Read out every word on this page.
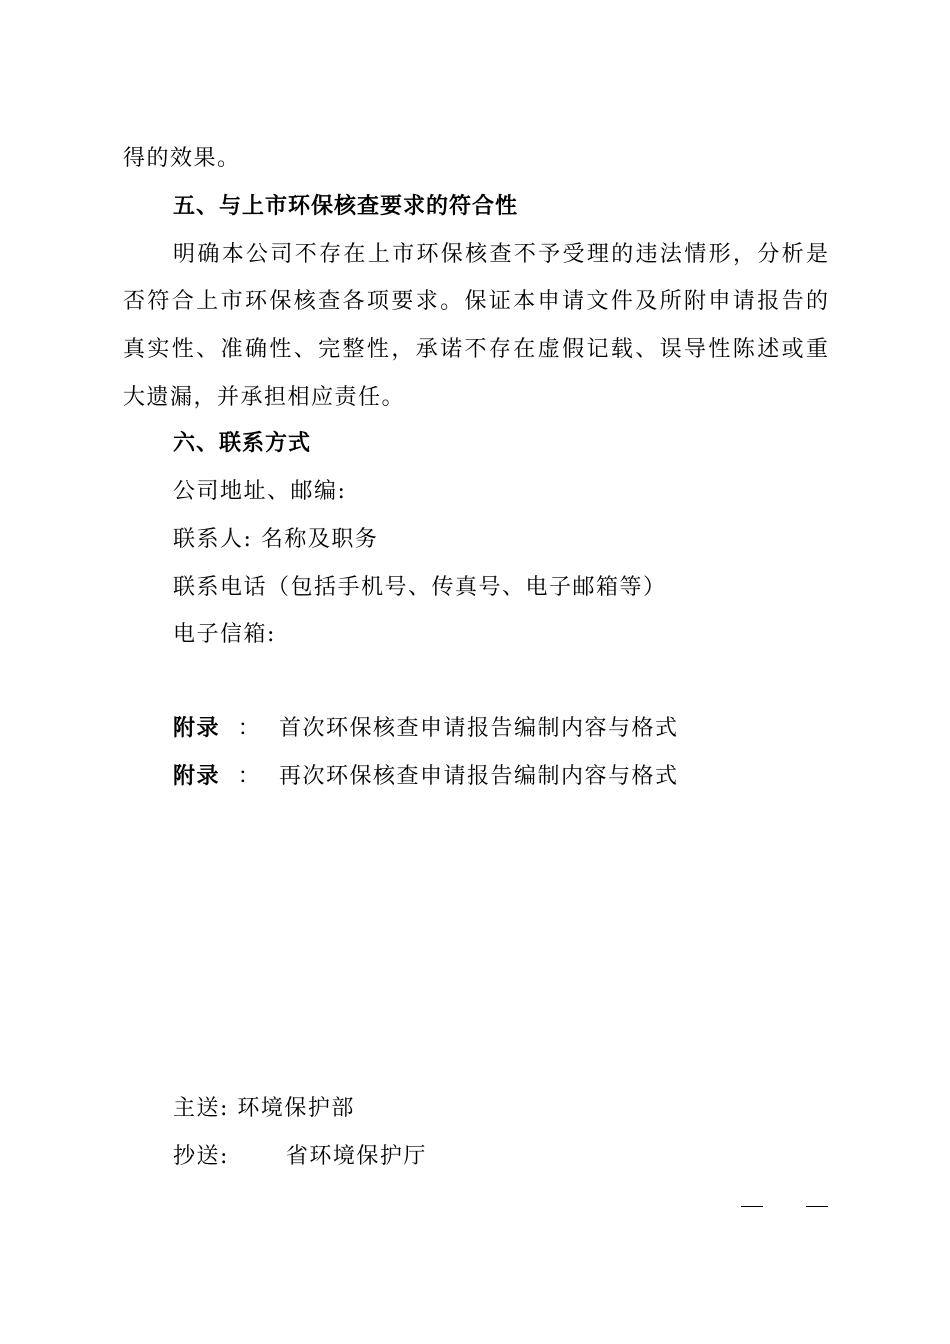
得的效果。
五、与上市环保核查要求的符合性
明确本公司不存在上市环保核查不予受理的违法情形，分析是
否符合上市环保核查各项要求。保证本申请文件及所附申请报告的
真实性、准确性、完整性，承诺不存在虚假记载、误导性陈述或重
大遗漏，并承担相应责任。
六、联系方式
公司地址、邮编:
联系人: 名称及职务
联系电话（包括手机号、传真号、电子邮箱等）
电子信箱:
附录 ： 首次环保核查申请报告编制内容与格式
附录 ： 再次环保核查申请报告编制内容与格式
主送: 环境保护部
抄送:	省环境保护厅
